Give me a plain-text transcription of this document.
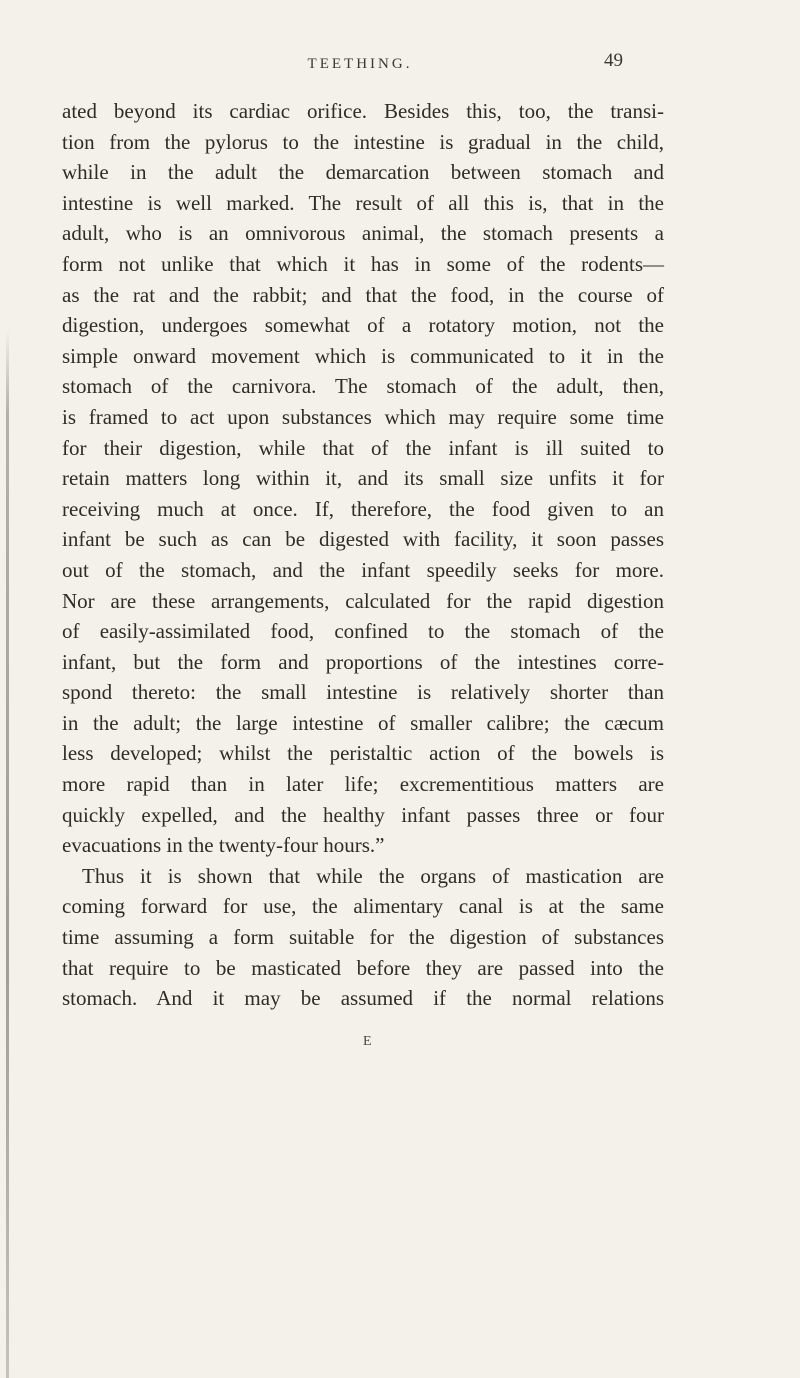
TEETHING.	49
ated beyond its cardiac orifice. Besides this, too, the transi-
tion from the pylorus to the intestine is gradual in the child,
while in the adult the demarcation between stomach and
intestine is well marked. The result of all this is, that in the
adult, who is an omnivorous animal, the stomach presents a
form not unlike that which it has in some of the rodents—
as the rat and the rabbit; and that the food, in the course of
digestion, undergoes somewhat of a rotatory motion, not the
simple onward movement which is communicated to it in the
stomach of the carnivora. The stomach of the adult, then,
is framed to act upon substances which may require some time
for their digestion, while that of the infant is ill suited to
retain matters long within it, and its small size unfits it for
receiving much at once. If, therefore, the food given to an
infant be such as can be digested with facility, it soon passes
out of the stomach, and the infant speedily seeks for more.
Nor are these arrangements, calculated for the rapid digestion
of easily-assimilated food, confined to the stomach of the
infant, but the form and proportions of the intestines corre-
spond thereto: the small intestine is relatively shorter than
in the adult; the large intestine of smaller calibre; the cæcum
less developed; whilst the peristaltic action of the bowels is
more rapid than in later life; excrementitious matters are
quickly expelled, and the healthy infant passes three or four
evacuations in the twenty-four hours.”
Thus it is shown that while the organs of mastication are
coming forward for use, the alimentary canal is at the same
time assuming a form suitable for the digestion of substances
that require to be masticated before they are passed into the
stomach. And it may be assumed if the normal relations
E
